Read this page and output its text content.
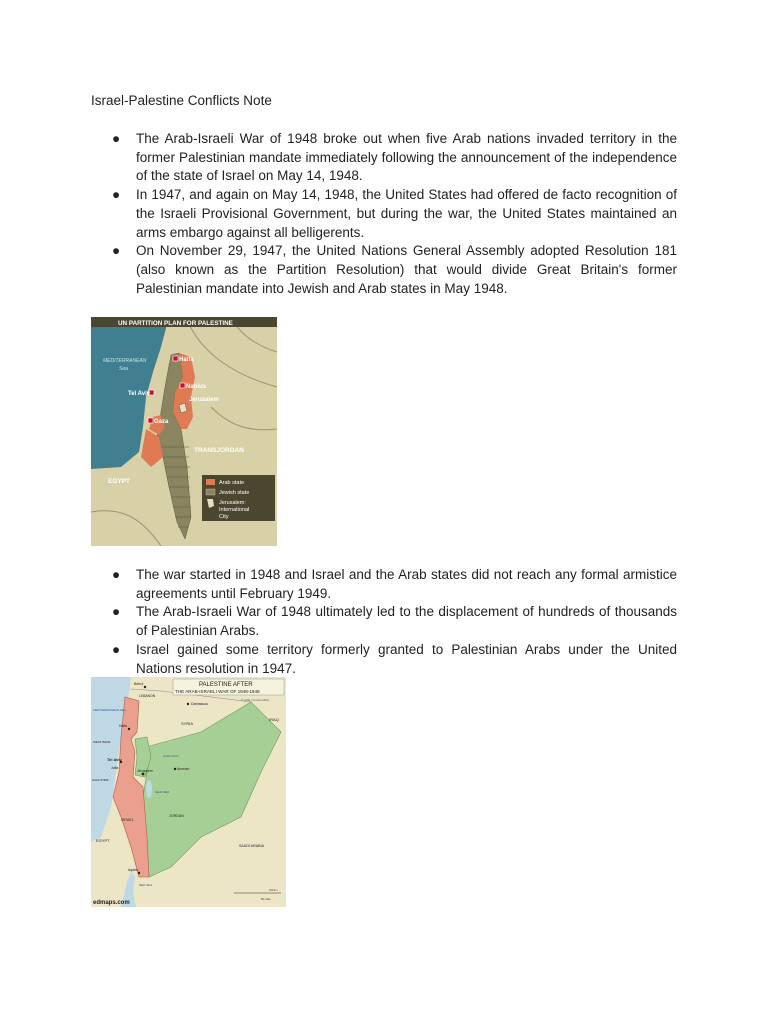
Israel-Palestine Conflicts Note
● The Arab-Israeli War of 1948 broke out when five Arab nations invaded territory in the former Palestinian mandate immediately following the announcement of the independence of the state of Israel on May 14, 1948.
● In 1947, and again on May 14, 1948, the United States had offered de facto recognition of the Israeli Provisional Government, but during the war, the United States maintained an arms embargo against all belligerents.
● On November 29, 1947, the United Nations General Assembly adopted Resolution 181 (also known as the Partition Resolution) that would divide Great Britain's former Palestinian mandate into Jewish and Arab states in May 1948.
UN PARTITION PLAN FOR PALESTINE
MEDITERRANEAN
Sea
Haifa
Tel Aviv
Nablus
Jerusalem
Gaza
TRANSJORDAN
EGYPT	Arab state
Jewish state
Jerusalem:
International
City
● The war started in 1948 and Israel and the Arab states did not reach any formal armistice agreements until February 1949.
● The Arab-Israeli War of 1948 ultimately led to the displacement of hundreds of thousands of Palestinian Arabs.
● Israel gained some territory formerly granted to Palestinian Arabs under the United Nations resolution in 1947.
PALESTINE AFTER
THE ARAB-ISRAELI WAR OF 1948-1949
© 2011 Curious Mind
Beirut
LEBANON
Damascus
SYRIA
IRAQ
MEDITERRANEAN SEA
Haifa
WEST BANK
Tel Aviv
Jaffa
GAZA STRIP
Jerusalem	Amman
DEAD SEA
Jordan River
ISRAEL
JORDAN
EGYPT
SAUDI ARABIA
Aqaba
RED SEA
100 km
50 miles
edmaps.com
